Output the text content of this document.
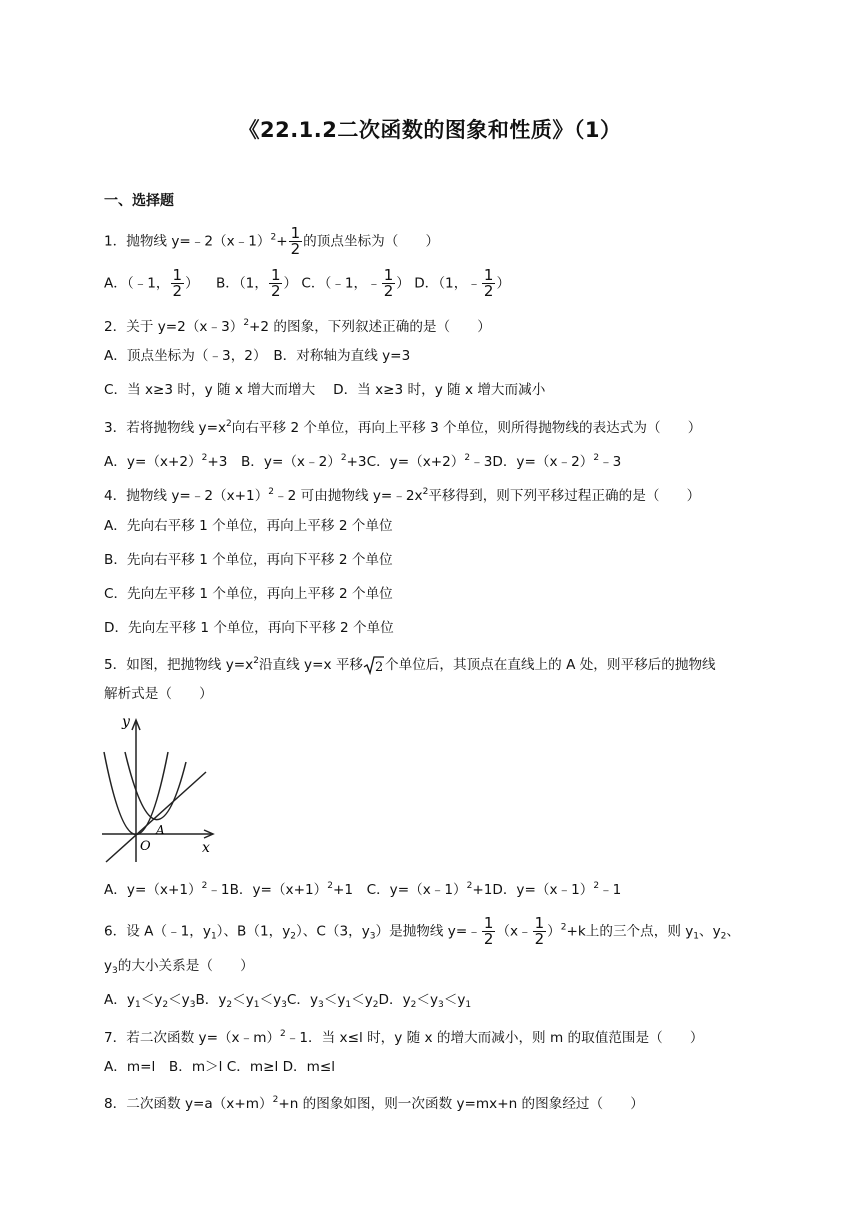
《22.1.2二次函数的图象和性质》（1）
一、选择题
1．抛物线 y=﹣2（x﹣1）$^2$+ $\frac{1}{2}$ 的顶点坐标为（　　）
A．（﹣1， $\frac{1}{2}$ ） B．（1， $\frac{1}{2}$ ） C．（﹣1，﹣ $\frac{1}{2}$ ） D．（1，﹣ $\frac{1}{2}$ ）
2．关于 y=2（x﹣3）$^2$+2 的图象，下列叙述正确的是（　　）
A．顶点坐标为（﹣3，2）　B．对称轴为直线 y=3
C．当 x≥3 时，y 随 x 增大而增大　 D．当 x≥3 时，y 随 x 增大而减小
3．若将抛物线 $y=x^2$向右平移 2 个单位，再向上平移 3 个单位，则所得抛物线的表达式为（　　）
A．$y=(x+2)^2+3$　B．y=（x﹣2）$^2$+3C．$y=(x+2)^2﹣3D$．y=（x﹣2）$^2$﹣3
4．抛物线 $y=﹣2(x+1)^2﹣2$ 可由抛物线 $y=﹣2x^2$平移得到，则下列平移过程正确的是（　　）
A．先向右平移 1 个单位，再向上平移 2 个单位
B．先向右平移 1 个单位，再向下平移 2 个单位
C．先向左平移 1 个单位，再向上平移 2 个单位
D．先向左平移 1 个单位，再向下平移 2 个单位
5．如图，把抛物线 $y=x^2$沿直线 y=x 平移 2 个单位后，其顶点在直线上的 A 处，则平移后的抛物线
解析式是（　　）
y
x
O
A
A．$y=(x+1)^2﹣1B$．$y=(x+1)^2+1$　C．y=（x﹣1）$^2$+1D．y=（x﹣1）$^2$﹣1
6．设 A（﹣1，$y_1$）、B（1，$y_2$）、C（3，$y_3$）是抛物线 y=﹣ $\frac{1}{2}$ （x﹣ $\frac{1}{2} )^2+k$上的三个点，则 $y_1$、$y_2$、
$y_3$的大小关系是（　　）
A．$y_1<y_2<y_3B$．$y_2<y_1<y_3C$．$y_3<y_1<y_2D$．$y_2<y_3<y_1$
7．若二次函数 y=（x﹣m）$^2$﹣1．当 x≤l 时，y 随 x 的增大而减小，则 m 的取值范围是（　　）
A．m=l　B．m＞l C．m≥l D．m≤l
8．二次函数 $y=a(x+m)^2+n$ 的图象如图，则一次函数 y=mx+n 的图象经过（　　）
